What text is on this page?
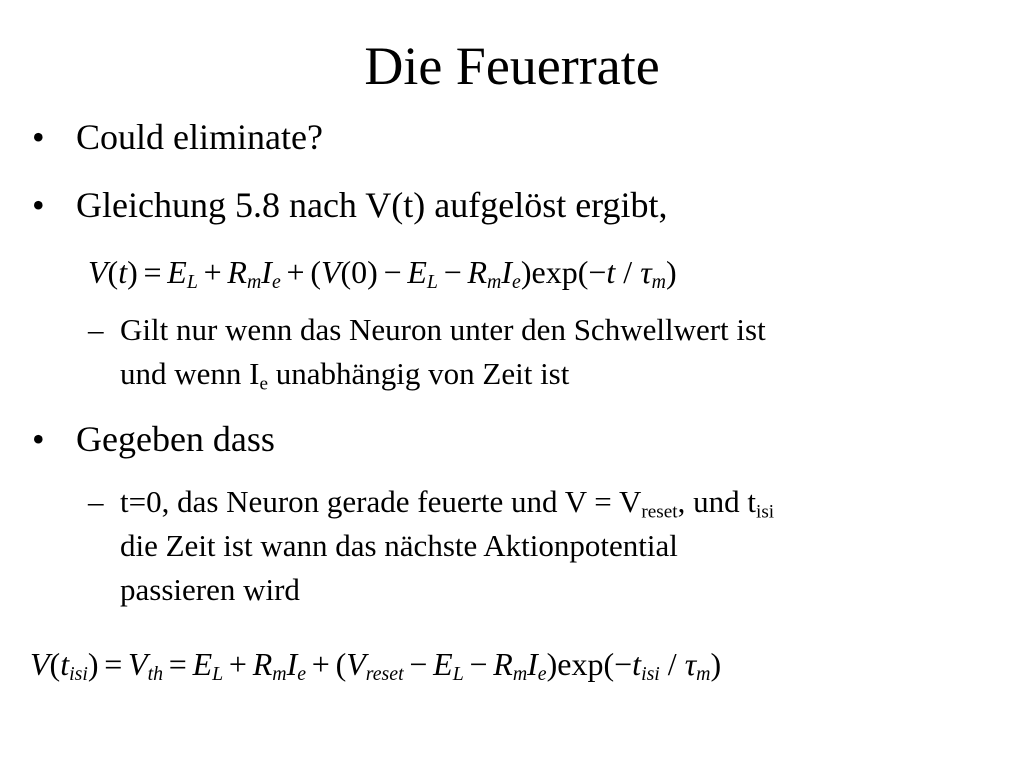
Die Feuerrate
• Could eliminate?
• Gleichung 5.8 nach V(t) aufgelöst ergibt,
$V(t) = E_L + R_mI_e + (V(0) - E_L - R_mI_e)\exp(-t / \tau_m)$
– Gilt nur wenn das Neuron unter den Schwellwert ist
und wenn $I_e$ unabhängig von Zeit ist
• Gegeben dass
– t=0, das Neuron gerade feuerte und $V = V_{reset}$, und $t_{isi}$
die Zeit ist wann das nächste Aktionpotential
passieren wird
$V(t_{isi}) = V_{th} = E_L + R_mI_e + (V_{reset} - E_L - R_mI_e)\exp(-t_{isi} / \tau_m)$
